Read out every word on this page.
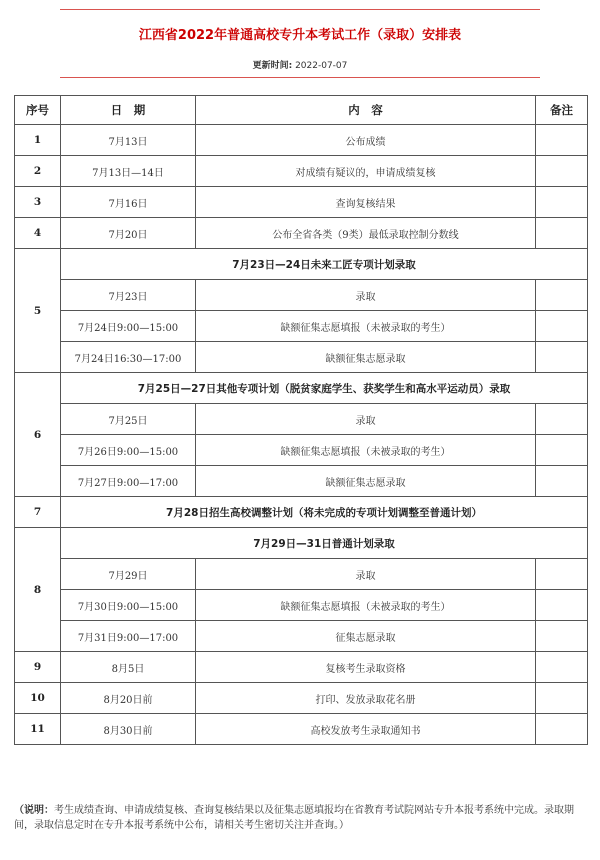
江西省2022年普通高校专升本考试工作（录取）安排表
更新时间: 2022-07-07
序号	日　期	内　容	备注
1	7月13日	公布成绩	
2	7月13日—14日	对成绩有疑议的，申请成绩复核	
3	7月16日	查询复核结果	
4	7月20日	公布全省各类（9类）最低录取控制分数线	
5	7月23日—24日未来工匠专项计划录取		
	7月23日	录取	
	7月24日9:00—15:00	缺额征集志愿填报（未被录取的考生）	
	7月24日16:30—17:00	缺额征集志愿录取	
6	7月25日—27日其他专项计划（脱贫家庭学生、获奖学生和高水平运动员）录取		
	7月25日	录取	
	7月26日9:00—15:00	缺额征集志愿填报（未被录取的考生）	
	7月27日9:00—17:00	缺额征集志愿录取	
7	7月28日招生高校调整计划（将未完成的专项计划调整至普通计划）		
8	7月29日—31日普通计划录取		
	7月29日	录取	
	7月30日9:00—15:00	缺额征集志愿填报（未被录取的考生）	
	7月31日9:00—17:00	征集志愿录取	
9	8月5日	复核考生录取资格	
10	8月20日前	打印、发放录取花名册	
11	8月30日前	高校发放考生录取通知书	
（说明：考生成绩查询、申请成绩复核、查询复核结果以及征集志愿填报均在省教育考试院网站专升本报考系统中完成。录取期间，录取信息定时在专升本报考系统中公布，请相关考生密切关注并查询。）
